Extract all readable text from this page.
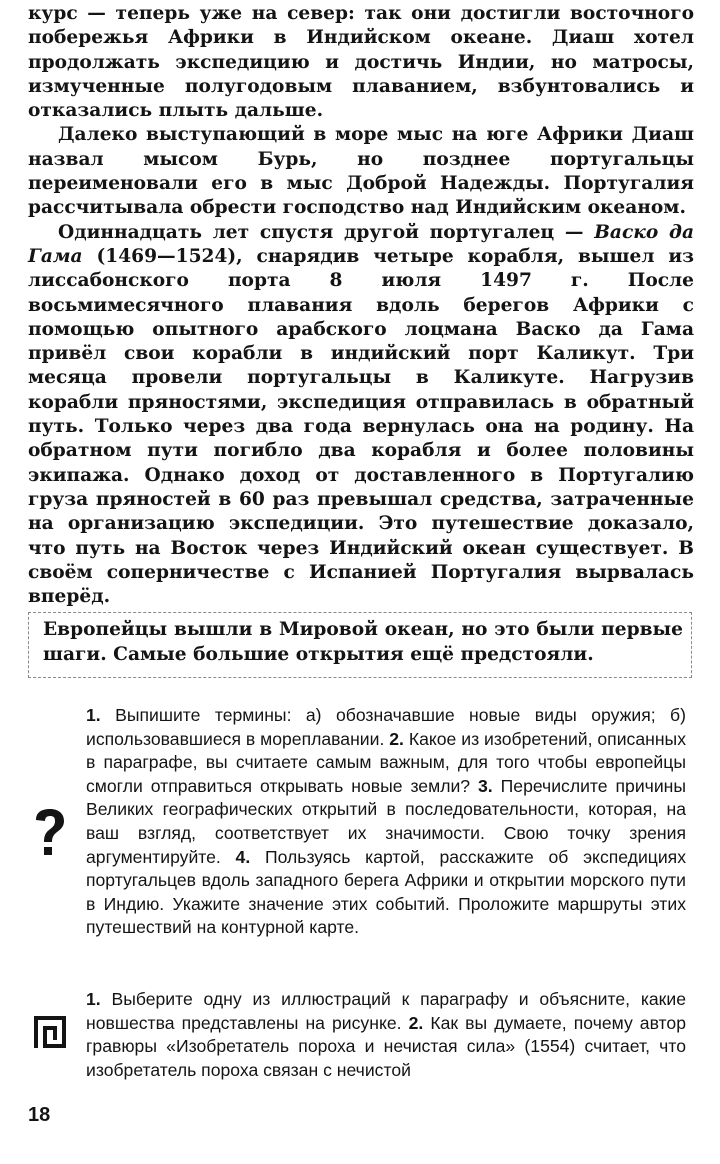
курс — теперь уже на север: так они достигли восточного побережья Африки в Индийском океане. Диаш хотел продолжать экспедицию и достичь Индии, но матросы, измученные полугодовым плаванием, взбунтовались и отказались плыть дальше.

Далеко выступающий в море мыс на юге Африки Диаш назвал мысом Бурь, но позднее португальцы переименовали его в мыс Доброй Надежды. Португалия рассчитывала обрести господство над Индийским океаном.

Одиннадцать лет спустя другой португалец — Васко да Гама (1469—1524), снарядив четыре корабля, вышел из лиссабонского порта 8 июля 1497 г. После восьмимесячного плавания вдоль берегов Африки с помощью опытного арабского лоцмана Васко да Гама привёл свои корабли в индийский порт Каликут. Три месяца провели португальцы в Каликуте. Нагрузив корабли пряностями, экспедиция отправилась в обратный путь. Только через два года вернулась она на родину. На обратном пути погибло два корабля и более половины экипажа. Однако доход от доставленного в Португалию груза пряностей в 60 раз превышал средства, затраченные на организацию экспедиции. Это путешествие доказало, что путь на Восток через Индийский океан существует. В своём соперничестве с Испанией Португалия вырвалась вперёд.

Европейцы вышли в Мировой океан, но это были первые шаги. Самые большие открытия ещё предстояли.
1. Выпишите термины: а) обозначавшие новые виды оружия; б) использовавшиеся в мореплавании. 2. Какое из изобретений, описанных в параграфе, вы считаете самым важным, для того чтобы европейцы смогли отправиться открывать новые земли? 3. Перечислите причины Великих географических открытий в последовательности, которая, на ваш взгляд, соответствует их значимости. Свою точку зрения аргументируйте. 4. Пользуясь картой, расскажите об экспедициях португальцев вдоль западного берега Африки и открытии морского пути в Индию. Укажите значение этих событий. Проложите маршруты этих путешествий на контурной карте.
1. Выберите одну из иллюстраций к параграфу и объясните, какие новшества представлены на рисунке. 2. Как вы думаете, почему автор гравюры «Изобретатель пороха и нечистая сила» (1554) считает, что изобретатель пороха связан с нечистой
18
